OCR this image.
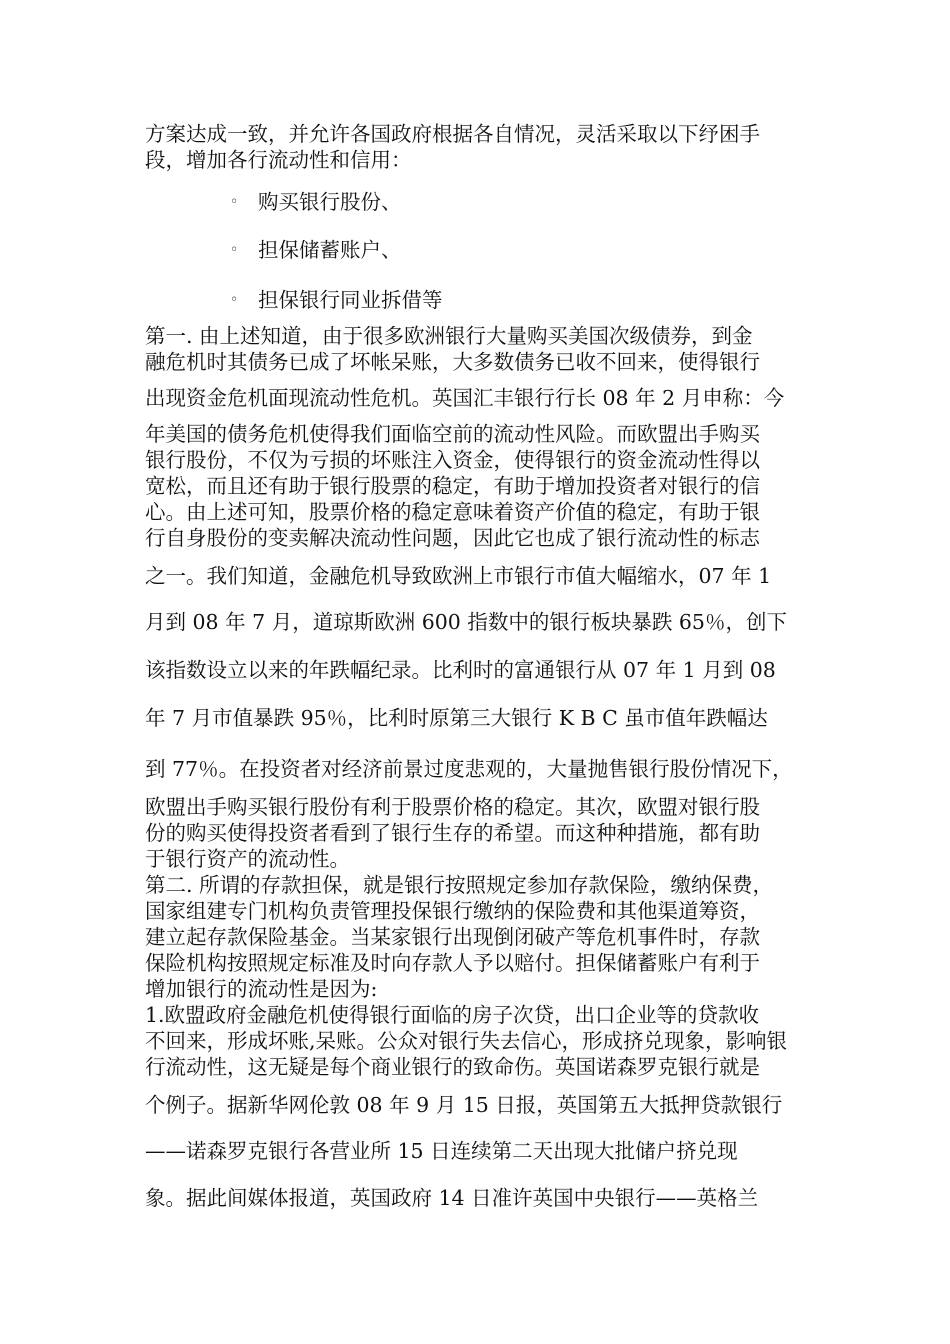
方案达成一致，并允许各国政府根据各自情况，灵活采取以下纾困手
段，增加各行流动性和信用：
◦ 购买银行股份、
◦ 担保储蓄账户、
◦ 担保银行同业拆借等
第一. 由上述知道，由于很多欧洲银行大量购买美国次级债券，到金
融危机时其债务已成了坏帐呆账，大多数债务已收不回来，使得银行
出现资金危机面现流动性危机。英国汇丰银行行长 08 年 2 月申称：今
年美国的债务危机使得我们面临空前的流动性风险。而欧盟出手购买
银行股份，不仅为亏损的坏账注入资金，使得银行的资金流动性得以
宽松，而且还有助于银行股票的稳定，有助于增加投资者对银行的信
心。由上述可知，股票价格的稳定意味着资产价值的稳定，有助于银
行自身股份的变卖解决流动性问题，因此它也成了银行流动性的标志
之一。我们知道，金融危机导致欧洲上市银行市值大幅缩水，07 年 1
月到 08 年 7 月，道琼斯欧洲 600 指数中的银行板块暴跌 65％，创下
该指数设立以来的年跌幅纪录。比利时的富通银行从 07 年 1 月到 08
年 7 月市值暴跌 95％，比利时原第三大银行 K B C 虽市值年跌幅达
到 77％。在投资者对经济前景过度悲观的，大量抛售银行股份情况下，
欧盟出手购买银行股份有利于股票价格的稳定。其次，欧盟对银行股
份的购买使得投资者看到了银行生存的希望。而这种种措施，都有助
于银行资产的流动性。
第二. 所谓的存款担保，就是银行按照规定参加存款保险，缴纳保费，
国家组建专门机构负责管理投保银行缴纳的保险费和其他渠道筹资，
建立起存款保险基金。当某家银行出现倒闭破产等危机事件时，存款
保险机构按照规定标准及时向存款人予以赔付。担保储蓄账户有利于
增加银行的流动性是因为:
1.欧盟政府金融危机使得银行面临的房子次贷，出口企业等的贷款收
不回来，形成坏账,呆账。公众对银行失去信心，形成挤兑现象，影响银
行流动性，这无疑是每个商业银行的致命伤。英国诺森罗克银行就是
个例子。据新华网伦敦 08 年 9 月 15 日报，英国第五大抵押贷款银行
——诺森罗克银行各营业所 15 日连续第二天出现大批储户挤兑现
象。据此间媒体报道，英国政府 14 日准许英国中央银行——英格兰
